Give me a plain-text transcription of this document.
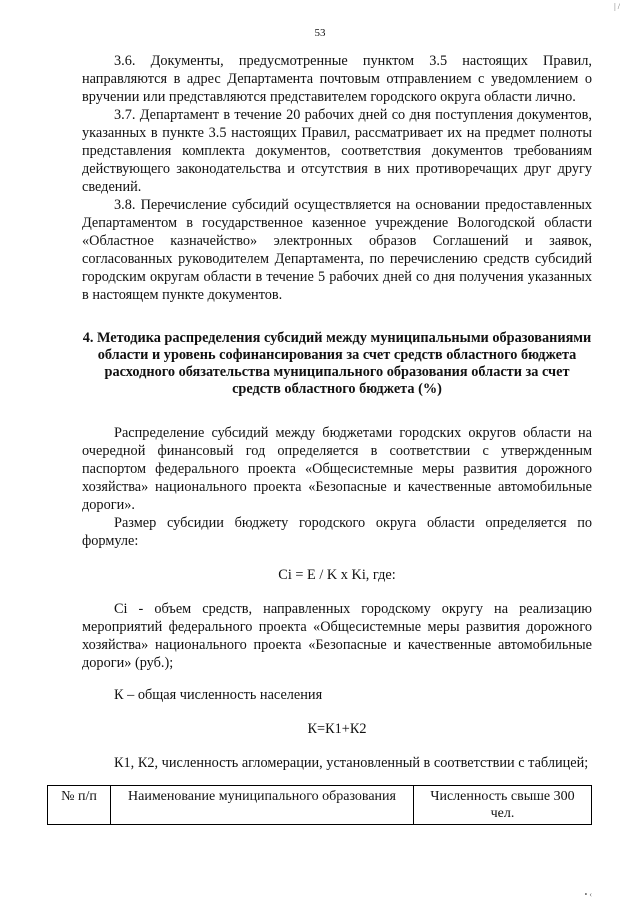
53

3.6. Документы, предусмотренные пунктом 3.5 настоящих Правил, направляются в адрес Департамента почтовым отправлением с уведомлением о вручении или представляются представителем городского округа области лично.

3.7. Департамент в течение 20 рабочих дней со дня поступления документов, указанных в пункте 3.5 настоящих Правил, рассматривает их на предмет полноты представления комплекта документов, соответствия документов требованиям действующего законодательства и отсутствия в них противоречащих друг другу сведений.

3.8. Перечисление субсидий осуществляется на основании предоставленных Департаментом в государственное казенное учреждение Вологодской области «Областное казначейство» электронных образов Соглашений и заявок, согласованных руководителем Департамента, по перечислению средств субсидий городским округам области в течение 5 рабочих дней со дня получения указанных в настоящем пункте документов.

4. Методика распределения субсидий между муниципальными образованиями области и уровень софинансирования за счет средств областного бюджета расходного обязательства муниципального образования области за счет средств областного бюджета (%)

Распределение субсидий между бюджетами городских округов области на очередной финансовый год определяется в соответствии с утвержденным паспортом федерального проекта «Общесистемные меры развития дорожного хозяйства» национального проекта «Безопасные и качественные автомобильные дороги».

Размер субсидии бюджету городского округа области определяется по формуле:

Ci = E / K x Ki, где:

Ci - объем средств, направленных городскому округу на реализацию мероприятий федерального проекта «Общесистемные меры развития дорожного хозяйства» национального проекта «Безопасные и качественные автомобильные дороги» (руб.);

К – общая численность населения

К=К1+К2

К1, К2, численность агломерации, установленный в соответствии с таблицей;

№ п/п	Наименование муниципального образования	Численность свыше 300 чел.
| /
• ‹
